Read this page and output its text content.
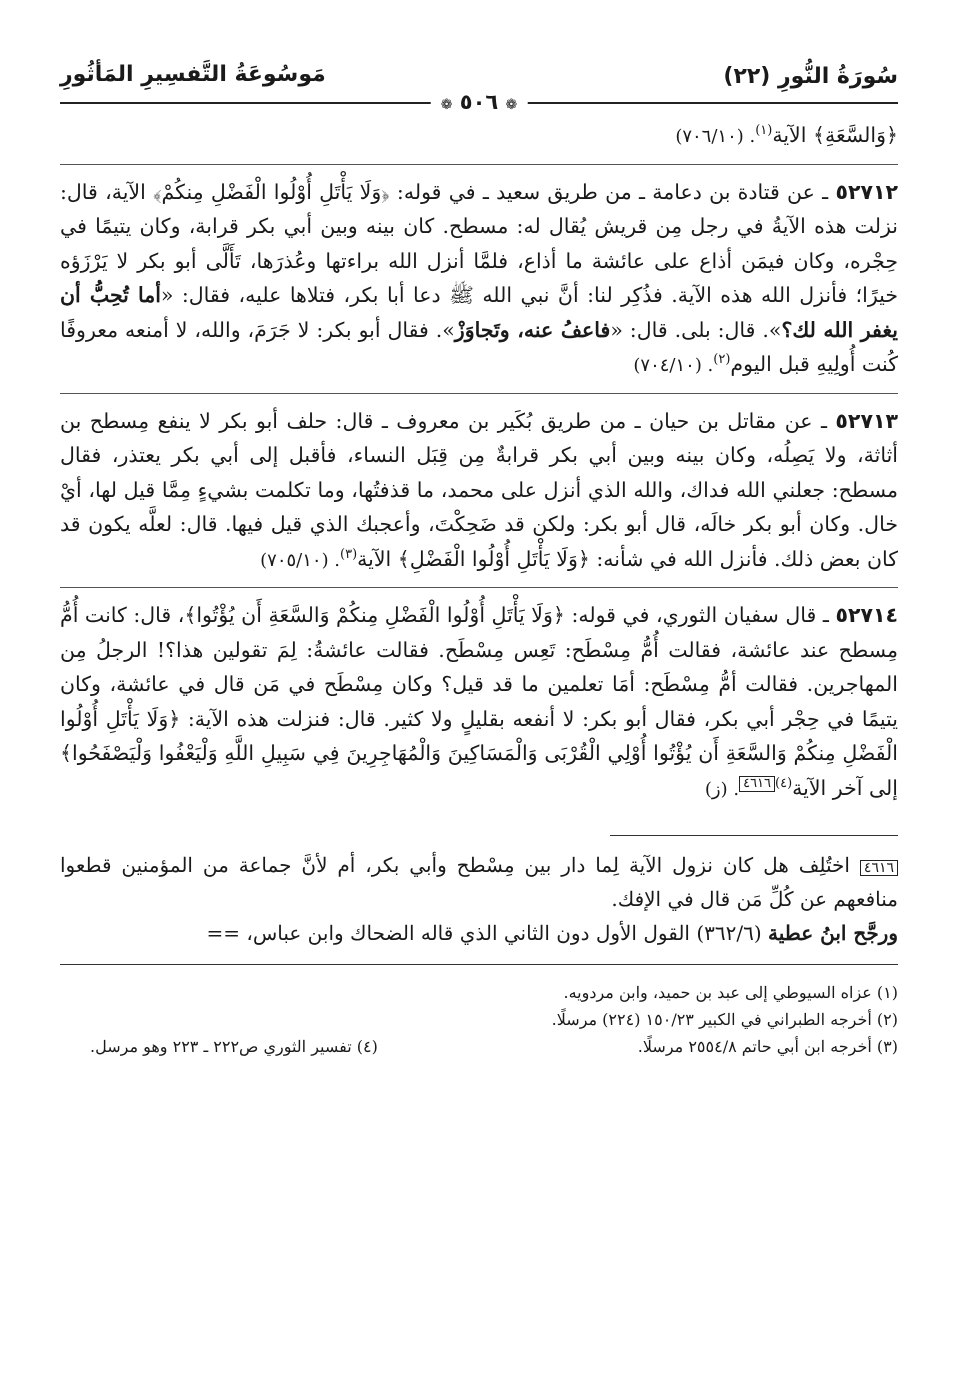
سُورَةُ النُّورِ (٢٢)
مَوسُوعَةُ التَّفسِيرِ المَأثُورِ
❁ ٥٠٦ ❁

﴿وَالسَّعَةِ﴾ الآية$^{(١)}$. (٧٠٦/١٠)

٥٢٧١٢ ـ عن قتادة بن دعامة ـ من طريق سعيد ـ في قوله: ﴿وَلَا يَأْتَلِ أُوْلُوا الْفَضْلِ مِنكُمْ﴾ الآية، قال: نزلت هذه الآيةُ في رجل مِن قريش يُقال له: مسطح. كان بينه وبين أبي بكر قرابة، وكان يتيمًا في حِجْره، وكان فيمَن أذاع على عائشة ما أذاع، فلمَّا أنزل الله براءتها وعُذرَها، تَأَلَّى أبو بكر لا يَرْزَؤه خيرًا؛ فأنزل الله هذه الآية. فذُكِر لنا: أنَّ نبي الله ﷺ دعا أبا بكر، فتلاها عليه، فقال: «أما تُحِبُّ أن يغفر الله لك؟». قال: بلى. قال: «فاعفُ عنه، وتَجاوَزْ». فقال أبو بكر: لا جَرَمَ، والله، لا أمنعه معروفًا كُنت أُولِيهِ قبل اليوم$^{(٢)}$. (٧٠٤/١٠)

٥٢٧١٣ ـ عن مقاتل بن حيان ـ من طريق بُكَير بن معروف ـ قال: حلف أبو بكر لا ينفع مِسطح بن أثاثة، ولا يَصِلُه، وكان بينه وبين أبي بكر قرابةٌ مِن قِبَل النساء، فأقبل إلى أبي بكر يعتذر، فقال مسطح: جعلني الله فداك، والله الذي أنزل على محمد، ما قذفتُها، وما تكلمت بشيءٍ مِمَّا قيل لها، أيْ خال. وكان أبو بكر خالَه، قال أبو بكر: ولكن قد ضَحِكْتَ، وأعجبك الذي قيل فيها. قال: لعلَّه يكون قد كان بعض ذلك. فأنزل الله في شأنه: ﴿وَلَا يَأْتَلِ أُوْلُوا الْفَضْلِ﴾ الآية$^{(٣)}$. (٧٠٥/١٠)

٥٢٧١٤ ـ قال سفيان الثوري، في قوله: ﴿وَلَا يَأْتَلِ أُوْلُوا الْفَضْلِ مِنكُمْ وَالسَّعَةِ أَن يُؤْتُوا﴾، قال: كانت أُمُّ مِسطح عند عائشة، فقالت أُمُّ مِسْطَح: تَعِس مِسْطَح. فقالت عائشةُ: لِمَ تقولين هذا؟! الرجلُ مِن المهاجرين. فقالت أمُّ مِسْطَح: أمَا تعلمين ما قد قيل؟ وكان مِسْطَح في مَن قال في عائشة، وكان يتيمًا في حِجْر أبي بكر، فقال أبو بكر: لا أنفعه بقليلٍ ولا كثير. قال: فنزلت هذه الآية: ﴿وَلَا يَأْتَلِ أُوْلُوا الْفَضْلِ مِنكُمْ وَالسَّعَةِ أَن يُؤْتُوا أُوْلِي الْقُرْبَى وَالْمَسَاكِينَ وَالْمُهَاجِرِينَ فِي سَبِيلِ اللَّهِ وَلْيَعْفُوا وَلْيَصْفَحُوا﴾ إلى آخر الآية$^{(٤)}$٤٦١٦. (ز)

٤٦١٦ اختُلِف هل كان نزول الآية لِما دار بين مِسْطح وأبي بكر، أم لأنَّ جماعة من المؤمنين قطعوا منافعهم عن كُلِّ مَن قال في الإفك.

ورجَّح ابنُ عطية (٣٦٢/٦) القول الأول دون الثاني الذي قاله الضحاك وابن عباس، ==

(١) عزاه السيوطي إلى عبد بن حميد، وابن مردويه.
(٢) أخرجه الطبراني في الكبير ١٥٠/٢٣ (٢٢٤) مرسلًا.
(٣) أخرجه ابن أبي حاتم ٢٥٥٤/٨ مرسلًا.
(٤) تفسير الثوري ص٢٢٢ ـ ٢٢٣ وهو مرسل.
